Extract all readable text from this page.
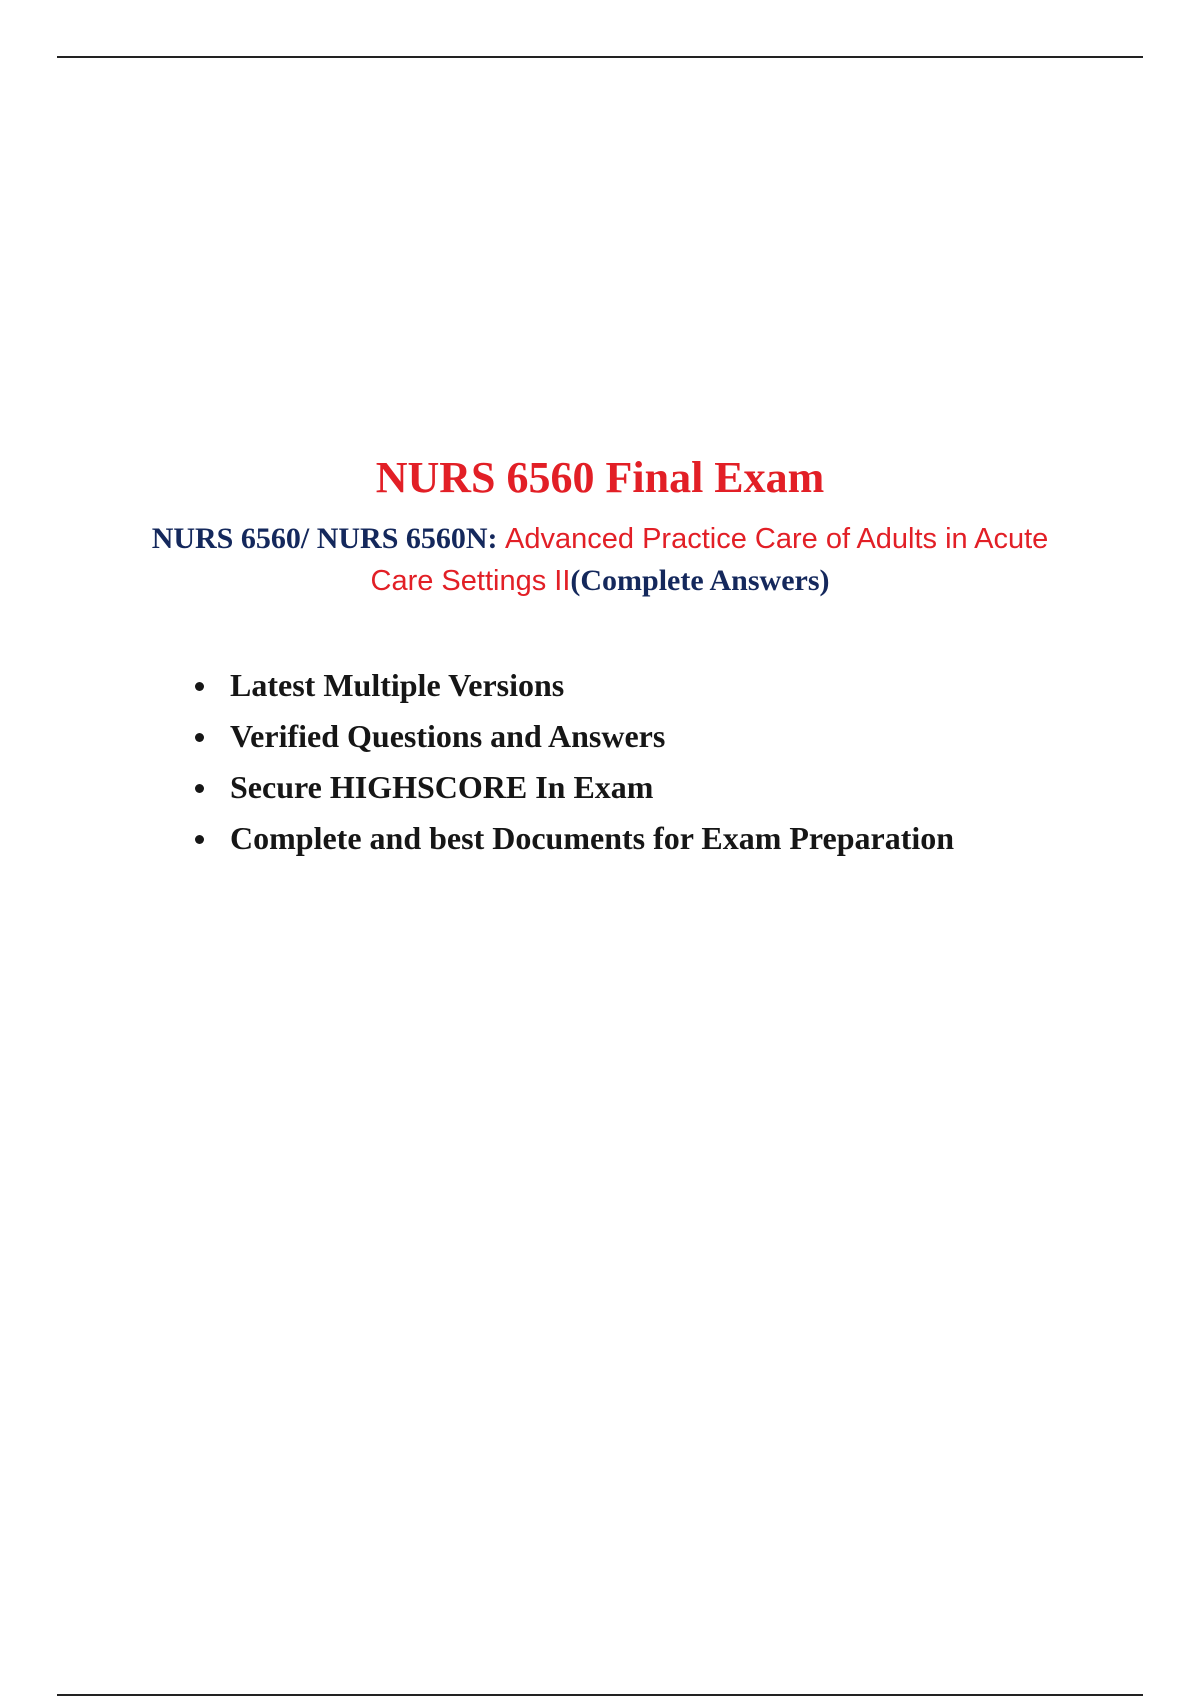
NURS 6560 Final Exam

NURS 6560/ NURS 6560N: Advanced Practice Care of Adults in Acute Care Settings II(Complete Answers)

Latest Multiple Versions
Verified Questions and Answers
Secure HIGHSCORE In Exam
Complete and best Documents for Exam Preparation
